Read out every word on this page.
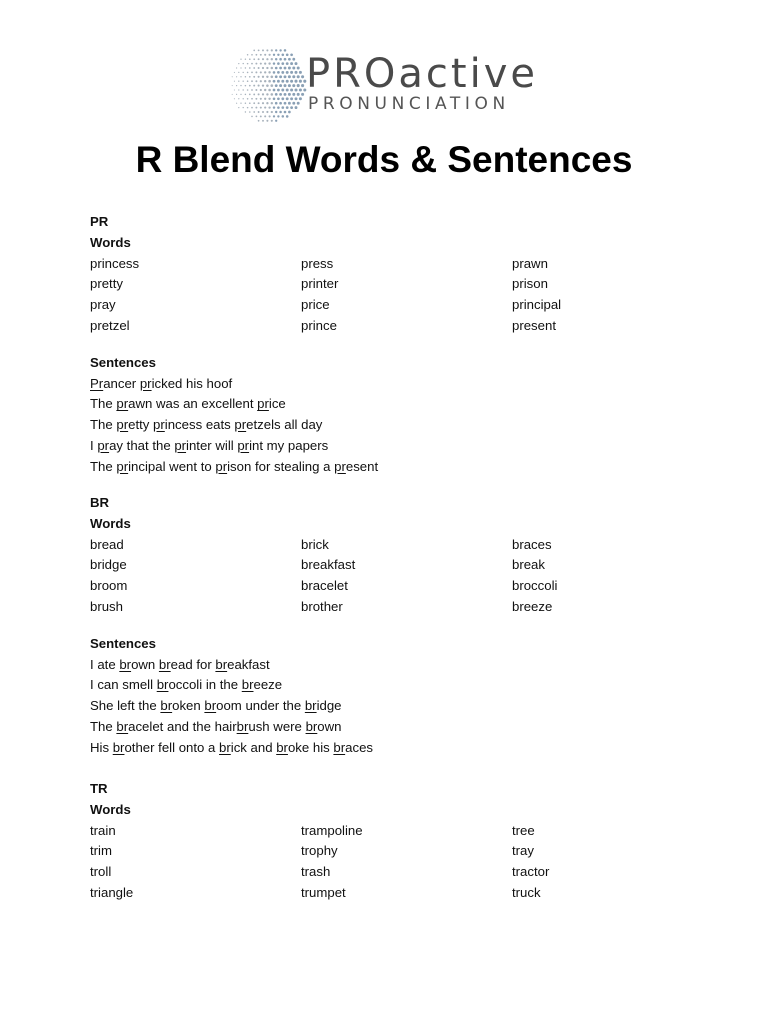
PROactive
PRONUNCIATION
R Blend Words & Sentences
PR
Words
princess	press	prawn
pretty	printer	prison
pray	price	principal
pretzel	prince	present
Sentences
Prancer pricked his hoof
The prawn was an excellent price
The pretty princess eats pretzels all day
I pray that the printer will print my papers
The principal went to prison for stealing a present
BR
Words
bread	brick	braces
bridge	breakfast	break
broom	bracelet	broccoli
brush	brother	breeze
Sentences
I ate brown bread for breakfast
I can smell broccoli in the breeze
She left the broken broom under the bridge
The bracelet and the hairbrush were brown
His brother fell onto a brick and broke his braces
TR
Words
train	trampoline	tree
trim	trophy	tray
troll	trash	tractor
triangle	trumpet	truck
